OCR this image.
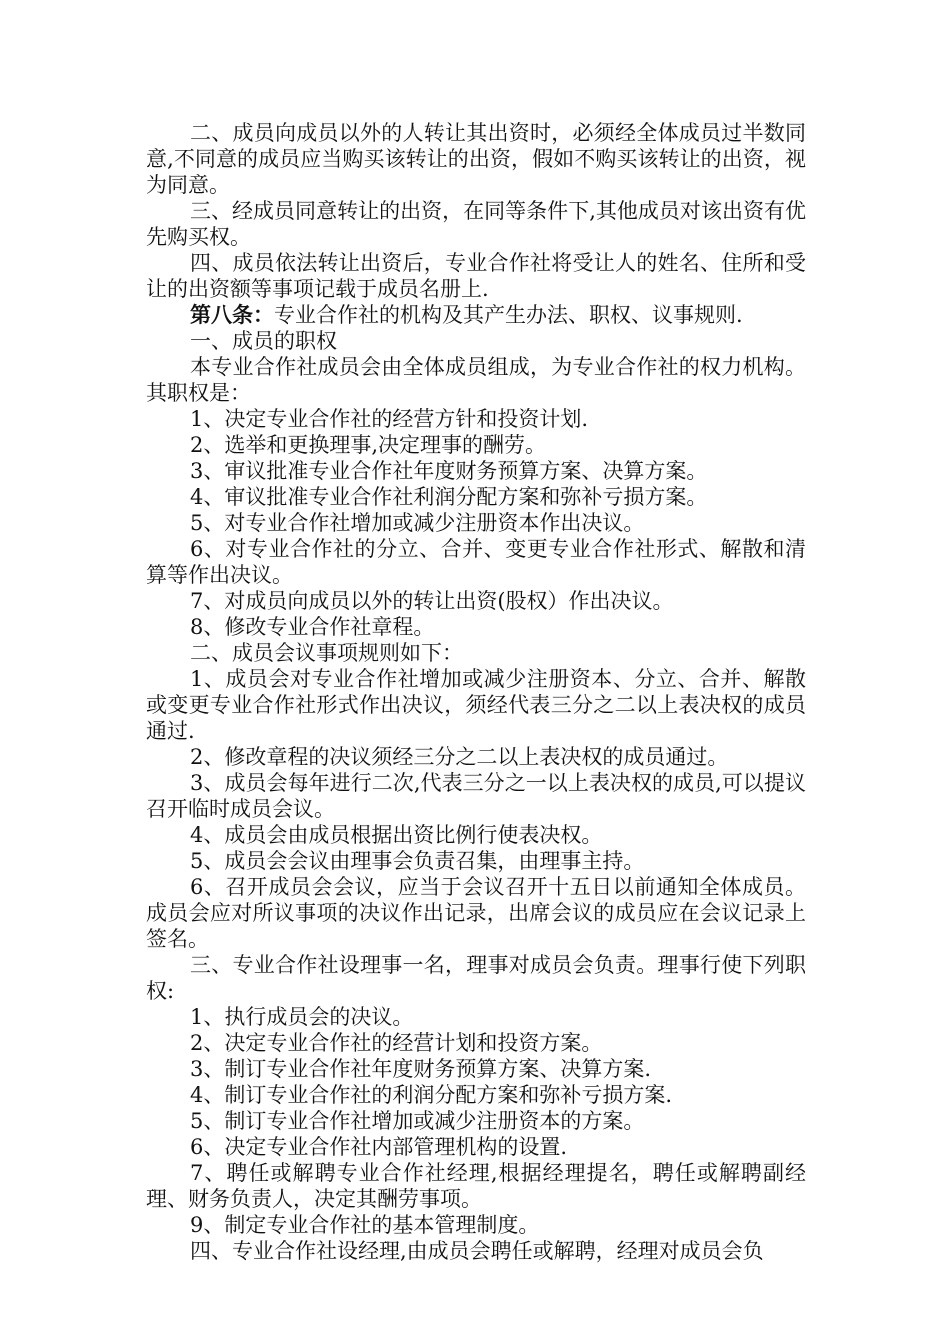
二、成员向成员以外的人转让其出资时，必须经全体成员过半数同意,不同意的成员应当购买该转让的出资，假如不购买该转让的出资，视为同意。

三、经成员同意转让的出资，在同等条件下,其他成员对该出资有优先购买权。

四、成员依法转让出资后，专业合作社将受让人的姓名、住所和受让的出资额等事项记载于成员名册上.

第八条：专业合作社的机构及其产生办法、职权、议事规则.

一、成员的职权

本专业合作社成员会由全体成员组成，为专业合作社的权力机构。其职权是：

1、决定专业合作社的经营方针和投资计划.

2、选举和更换理事,决定理事的酬劳。

3、审议批准专业合作社年度财务预算方案、决算方案。

4、审议批准专业合作社利润分配方案和弥补亏损方案。

5、对专业合作社增加或减少注册资本作出决议。

6、对专业合作社的分立、合并、变更专业合作社形式、解散和清算等作出决议。

7、对成员向成员以外的转让出资(股权）作出决议。

8、修改专业合作社章程。

二、成员会议事项规则如下：

1、成员会对专业合作社增加或减少注册资本、分立、合并、解散或变更专业合作社形式作出决议，须经代表三分之二以上表决权的成员通过.

2、修改章程的决议须经三分之二以上表决权的成员通过。

3、成员会每年进行二次,代表三分之一以上表决权的成员,可以提议召开临时成员会议。

4、成员会由成员根据出资比例行使表决权。

5、成员会会议由理事会负责召集，由理事主持。

6、召开成员会会议，应当于会议召开十五日以前通知全体成员。成员会应对所议事项的决议作出记录，出席会议的成员应在会议记录上签名。

三、专业合作社设理事一名，理事对成员会负责。理事行使下列职权:

1、执行成员会的决议。

2、决定专业合作社的经营计划和投资方案。

3、制订专业合作社年度财务预算方案、决算方案.

4、制订专业合作社的利润分配方案和弥补亏损方案.

5、制订专业合作社增加或减少注册资本的方案。

6、决定专业合作社内部管理机构的设置.

7、聘任或解聘专业合作社经理,根据经理提名，聘任或解聘副经理、财务负责人，决定其酬劳事项。

9、制定专业合作社的基本管理制度。

四、专业合作社设经理,由成员会聘任或解聘，经理对成员会负
